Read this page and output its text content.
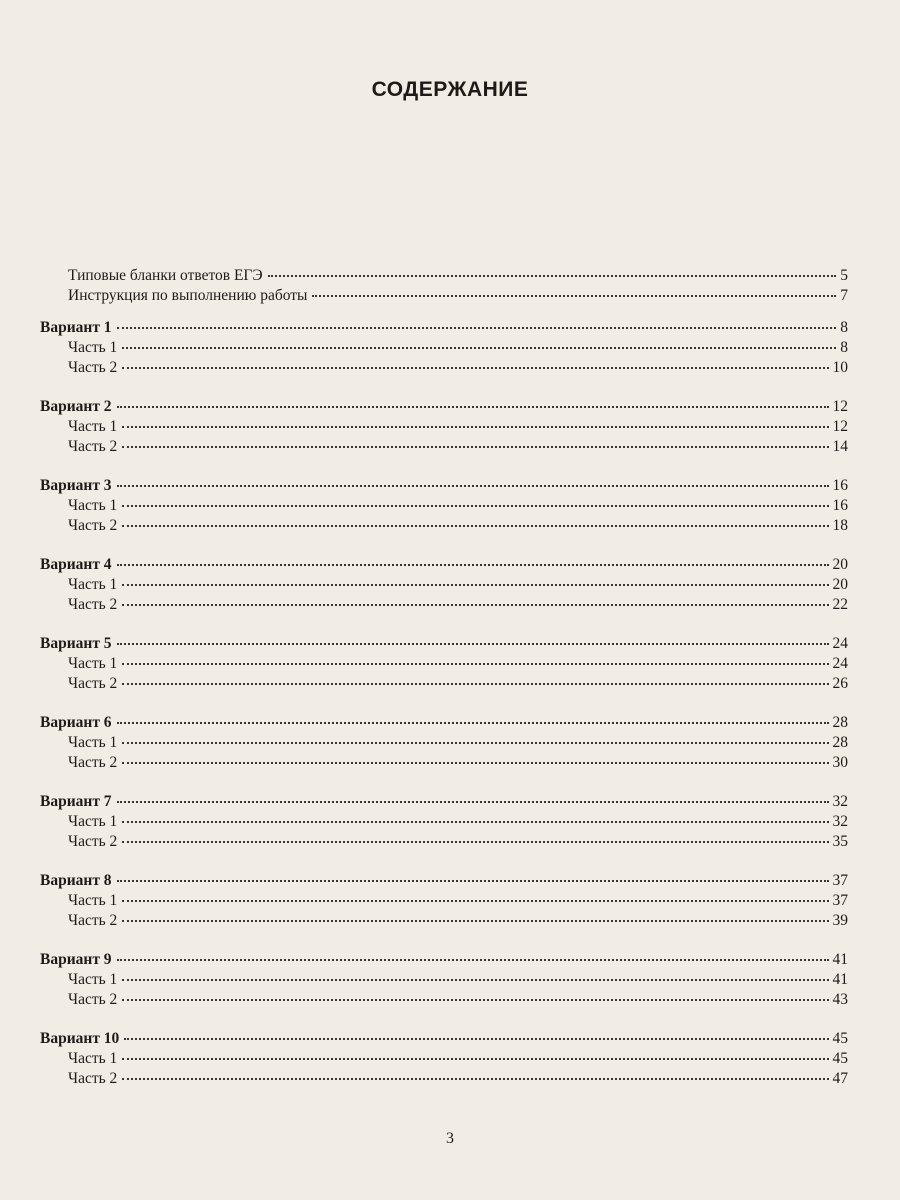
СОДЕРЖАНИЕ
Типовые бланки ответов ЕГЭ	5
Инструкция по выполнению работы	7
Вариант 1	8
Часть 1	8
Часть 2	10
Вариант 2	12
Часть 1	12
Часть 2	14
Вариант 3	16
Часть 1	16
Часть 2	18
Вариант 4	20
Часть 1	20
Часть 2	22
Вариант 5	24
Часть 1	24
Часть 2	26
Вариант 6	28
Часть 1	28
Часть 2	30
Вариант 7	32
Часть 1	32
Часть 2	35
Вариант 8	37
Часть 1	37
Часть 2	39
Вариант 9	41
Часть 1	41
Часть 2	43
Вариант 10	45
Часть 1	45
Часть 2	47
3
